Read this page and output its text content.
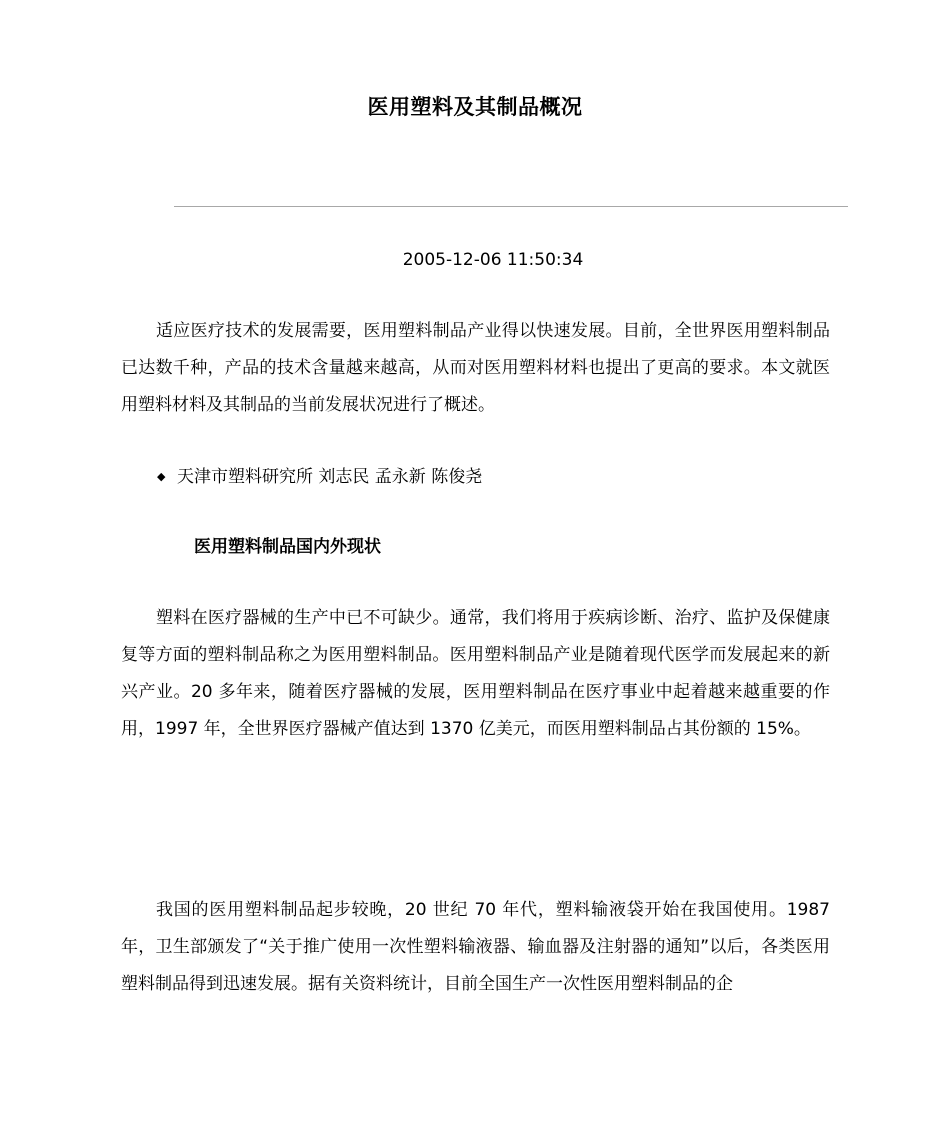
医用塑料及其制品概况
2005-12-06 11:50:34

适应医疗技术的发展需要，医用塑料制品产业得以快速发展。目前，全世界医用塑料制品已达数千种，产品的技术含量越来越高，从而对医用塑料材料也提出了更高的要求。本文就医用塑料材料及其制品的当前发展状况进行了概述。

◆ 天津市塑料研究所 刘志民 孟永新 陈俊尧
医用塑料制品国内外现状

塑料在医疗器械的生产中已不可缺少。通常，我们将用于疾病诊断、治疗、监护及保健康复等方面的塑料制品称之为医用塑料制品。医用塑料制品产业是随着现代医学而发展起来的新兴产业。20 多年来，随着医疗器械的发展，医用塑料制品在医疗事业中起着越来越重要的作用，1997 年，全世界医疗器械产值达到 1370 亿美元，而医用塑料制品占其份额的 15%。

我国的医用塑料制品起步较晚，20 世纪 70 年代，塑料输液袋开始在我国使用。1987年，卫生部颁发了“关于推广使用一次性塑料输液器、输血器及注射器的通知”以后，各类医用塑料制品得到迅速发展。据有关资料统计，目前全国生产一次性医用塑料制品的企
